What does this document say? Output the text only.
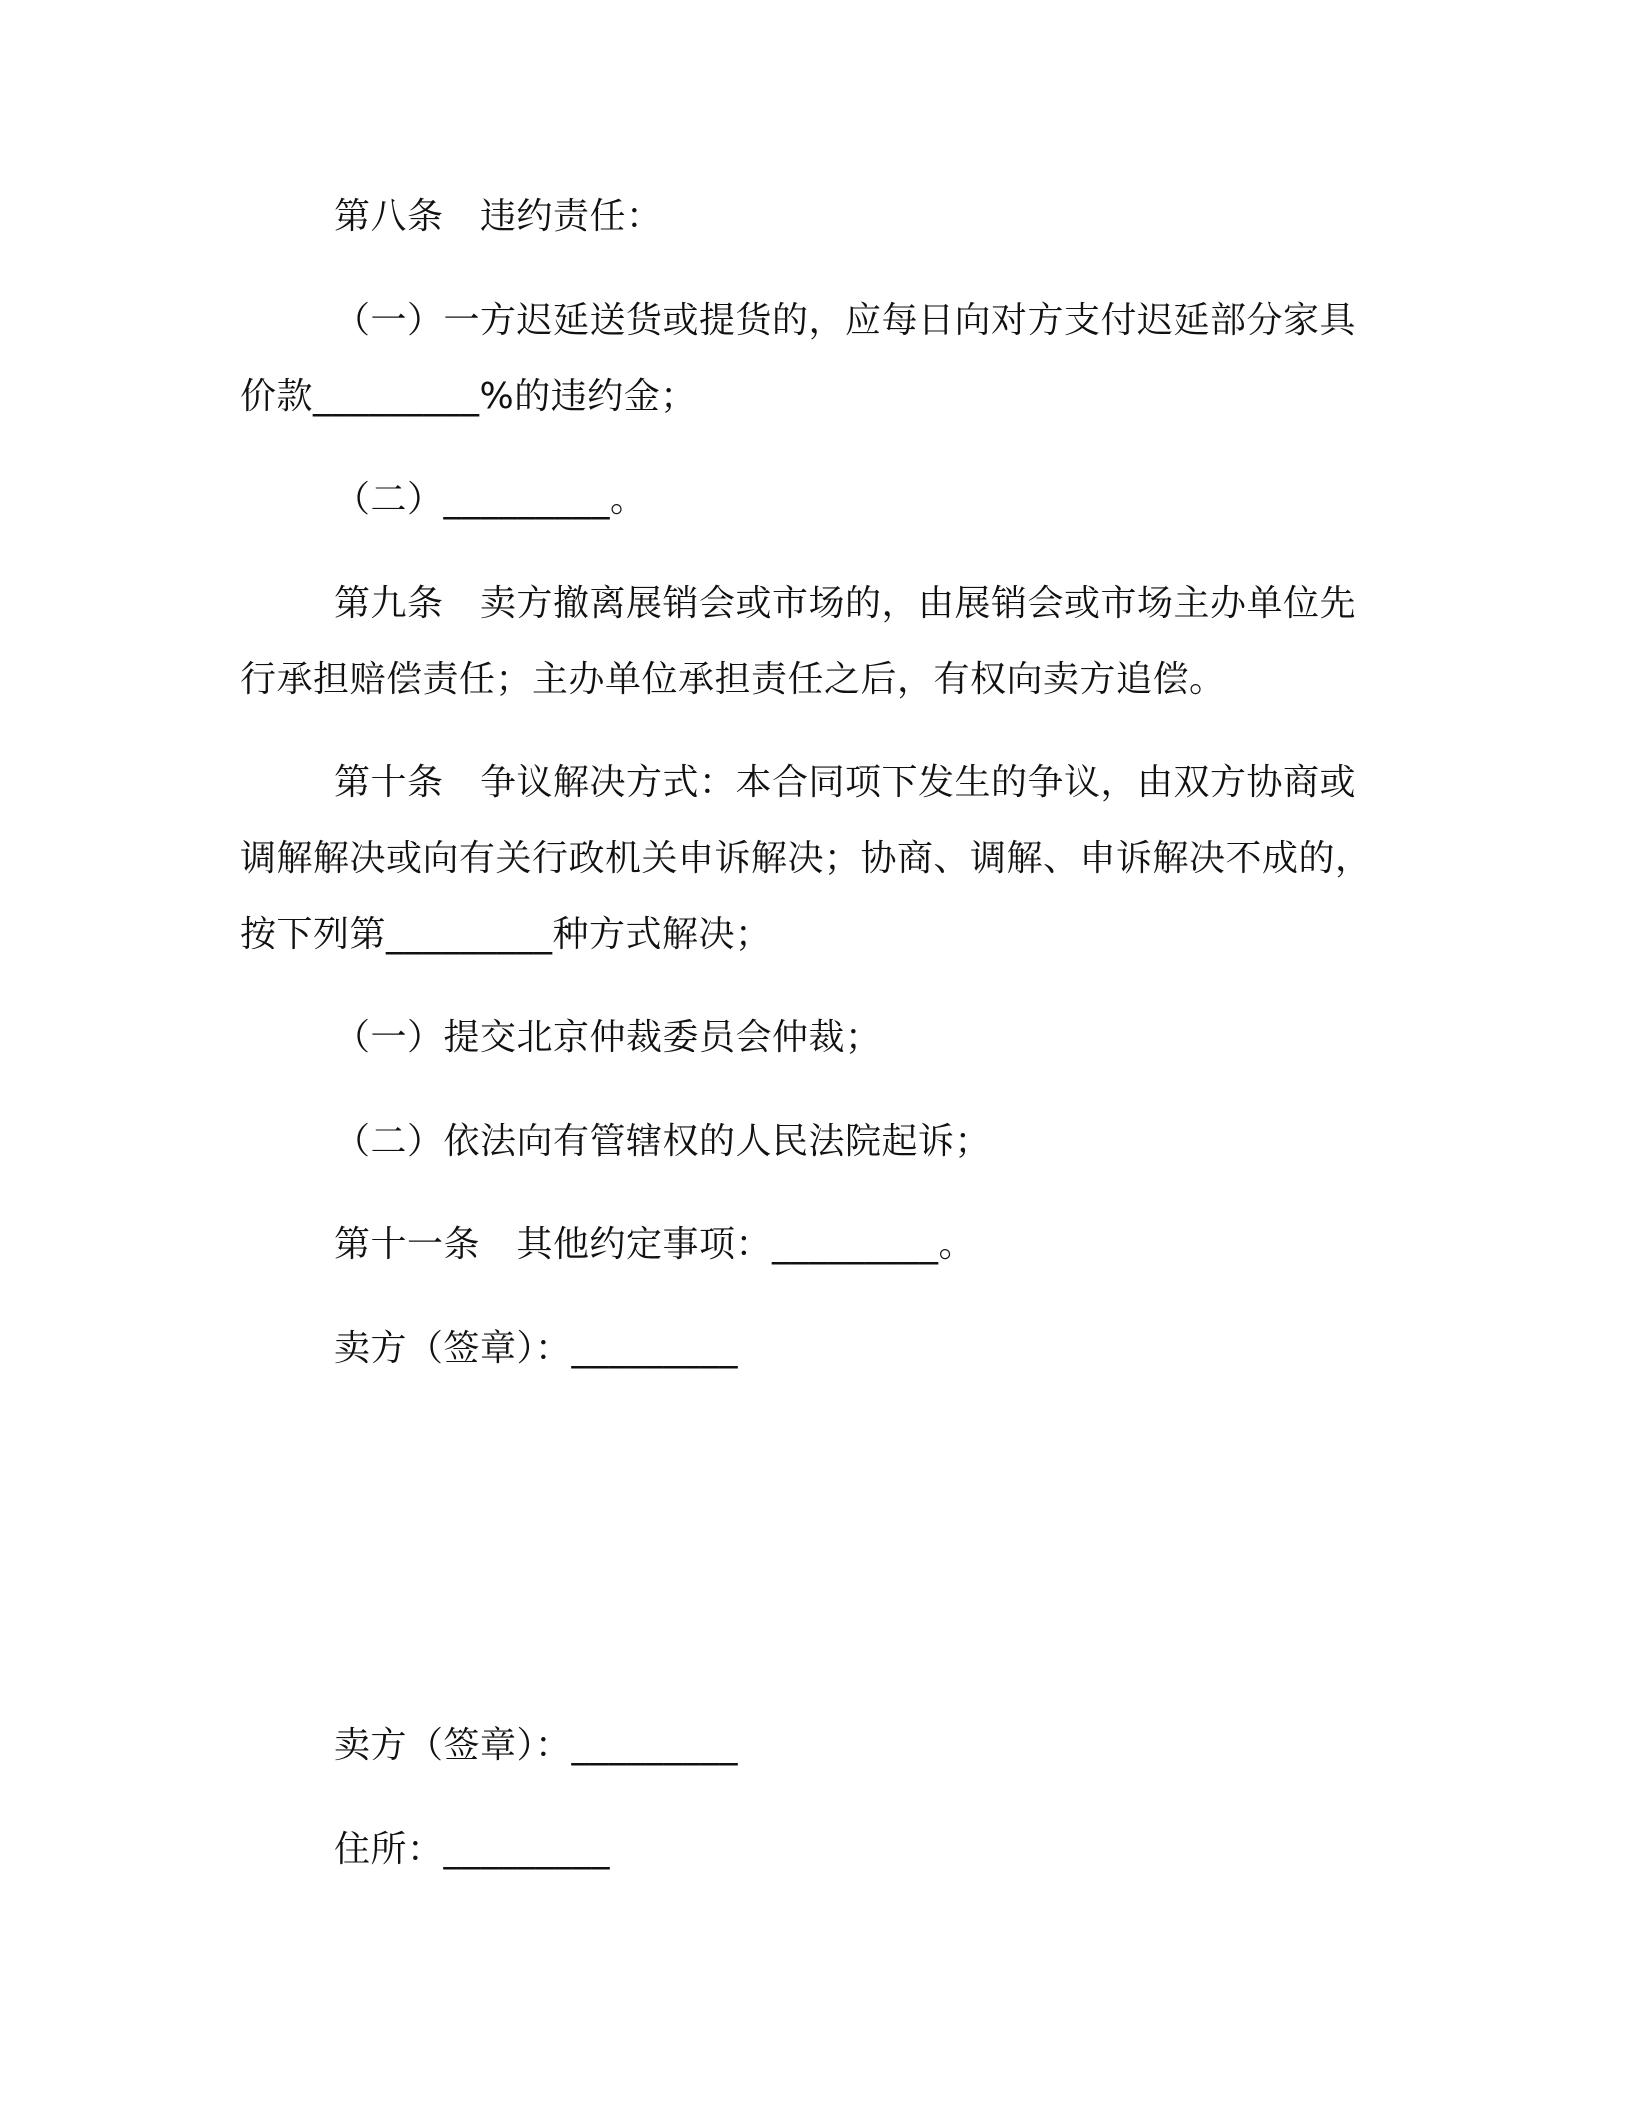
第八条　违约责任：
（一）一方迟延送货或提货的，应每日向对方支付迟延部分家具
价款_________%的违约金；
（二）_________。
第九条　卖方撤离展销会或市场的，由展销会或市场主办单位先
行承担赔偿责任；主办单位承担责任之后，有权向卖方追偿。
第十条　争议解决方式：本合同项下发生的争议，由双方协商或
调解解决或向有关行政机关申诉解决；协商、调解、申诉解决不成的，
按下列第_________种方式解决；
（一）提交北京仲裁委员会仲裁；
（二）依法向有管辖权的人民法院起诉；
第十一条　其他约定事项：_________。
卖方（签章）：_________
卖方（签章）：_________
住所：_________
